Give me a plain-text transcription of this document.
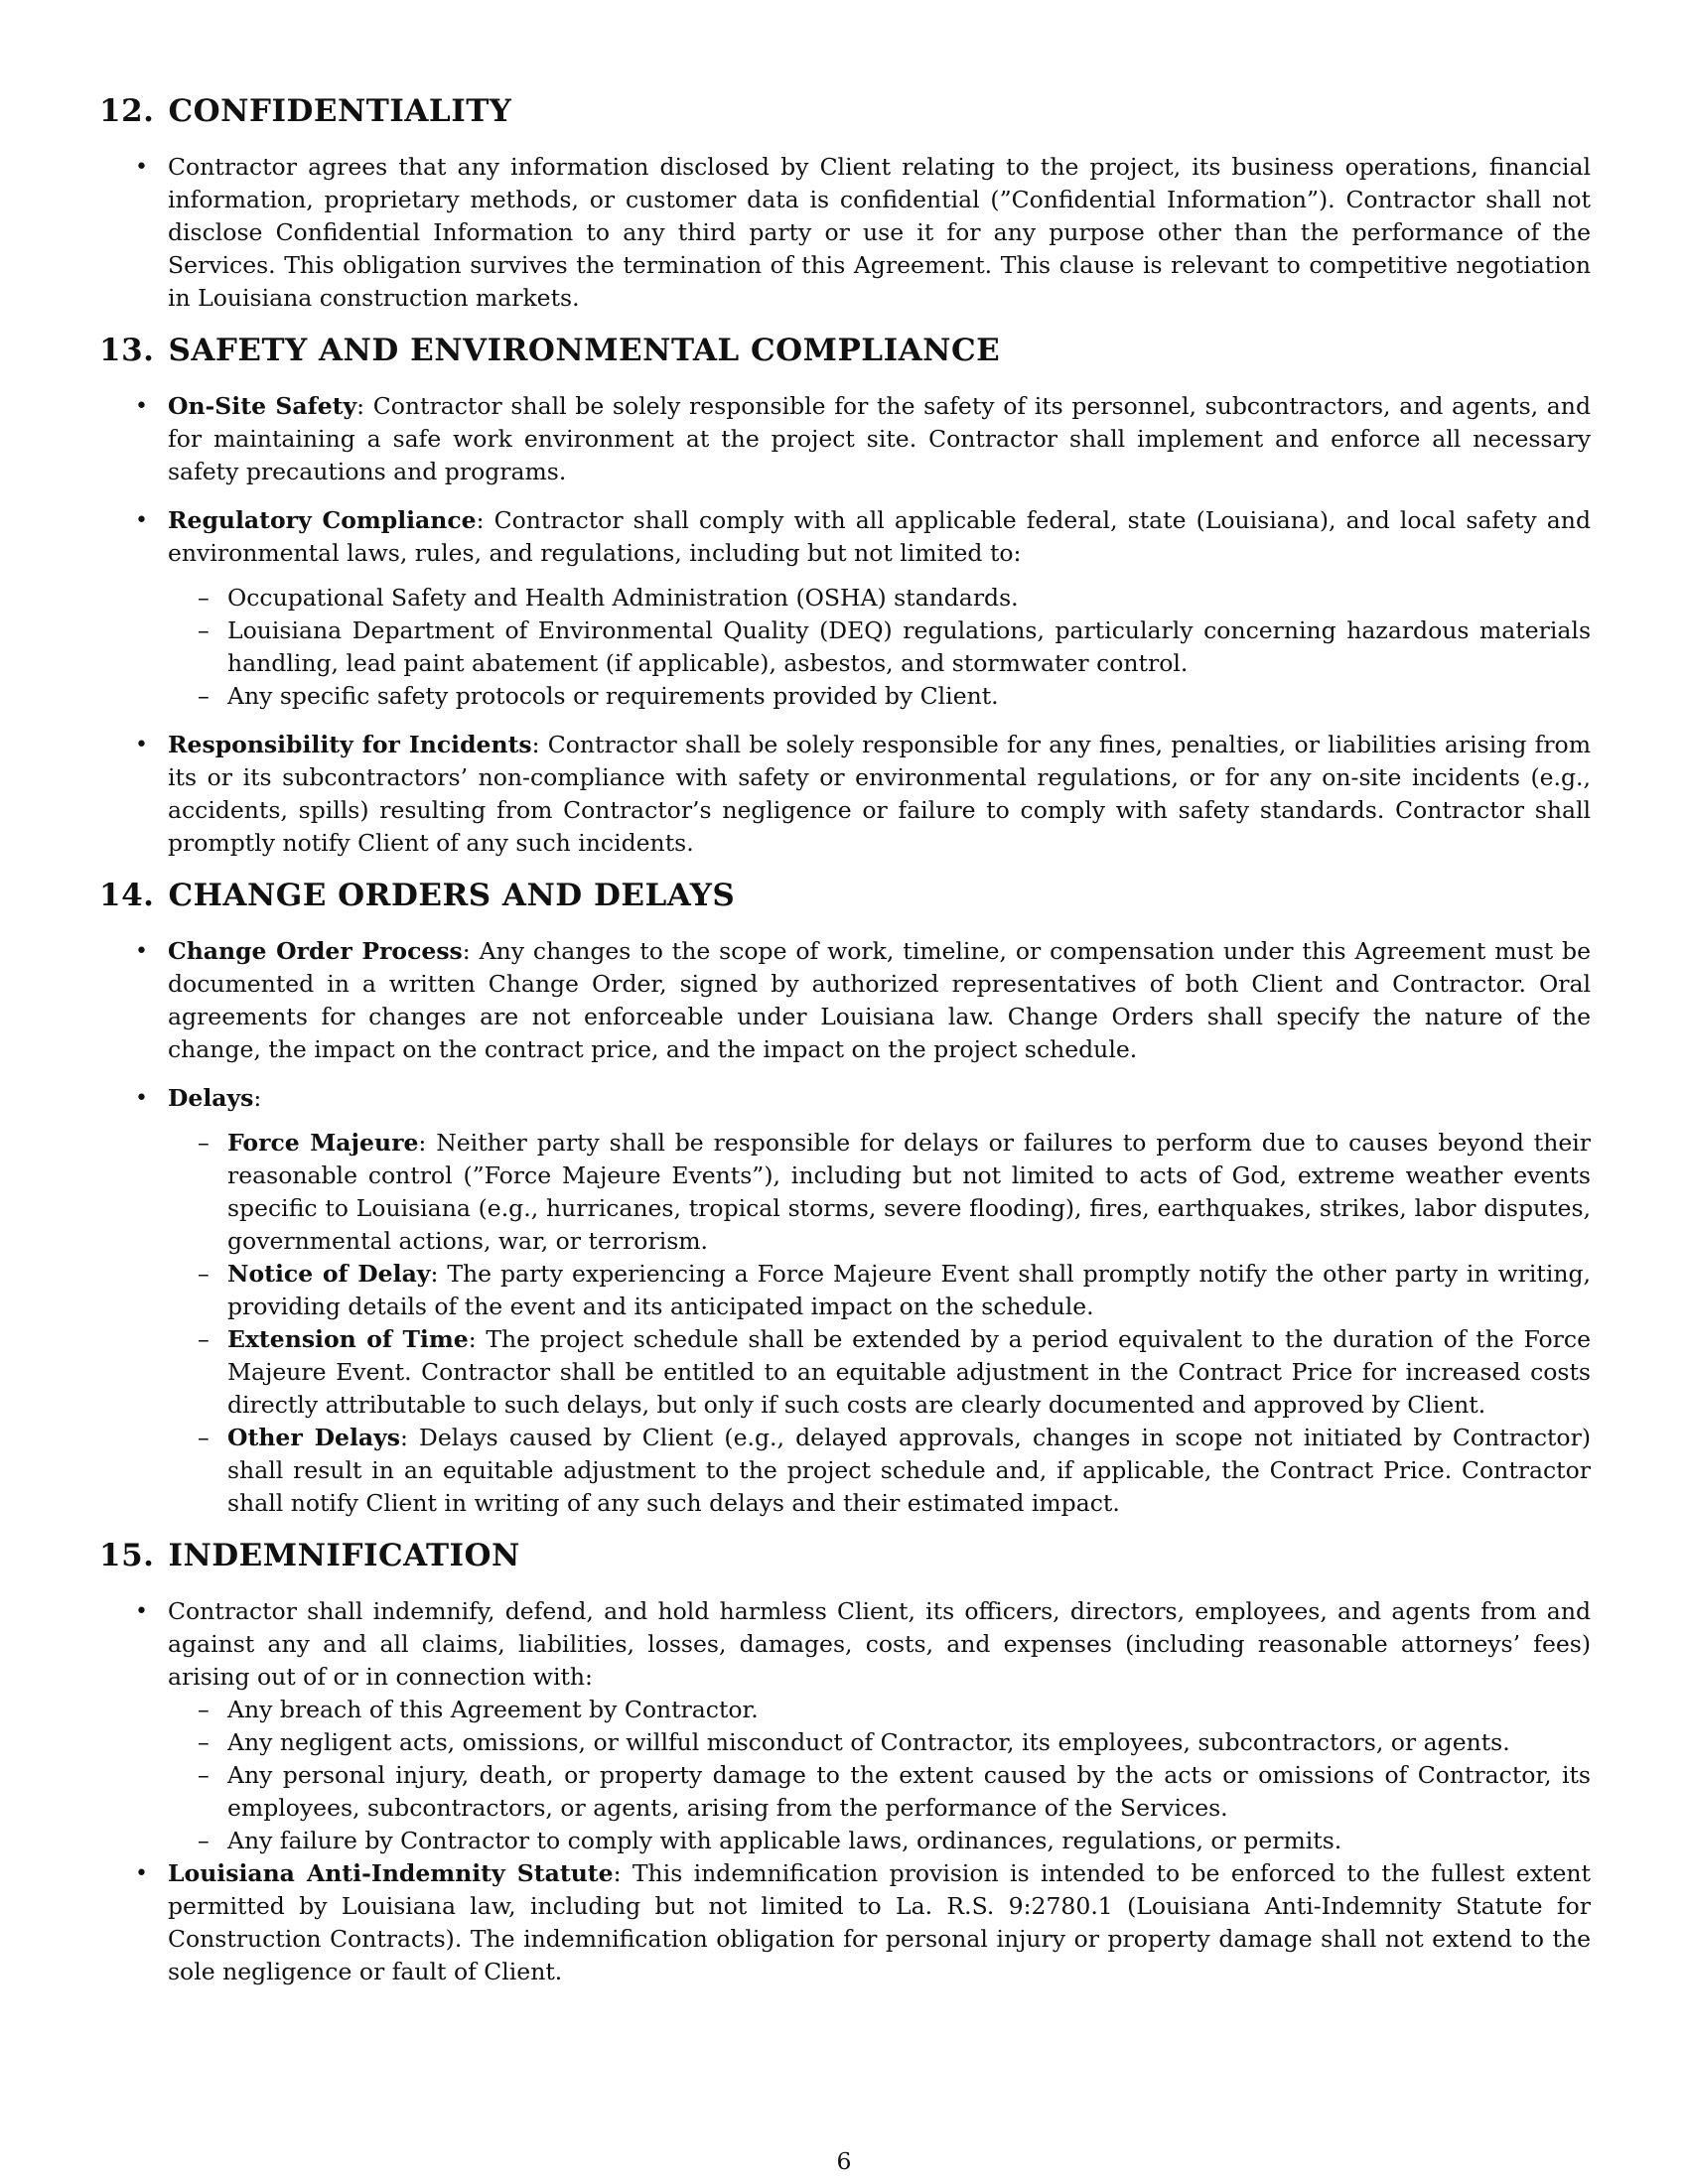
12. CONFIDENTIALITY
• Contractor agrees that any information disclosed by Client relating to the project, its business operations, financial information, proprietary methods, or customer data is confidential (”Confidential Information”). Contractor shall not disclose Confidential Information to any third party or use it for any purpose other than the performance of the Services. This obligation survives the termination of this Agreement. This clause is relevant to competitive negotiation in Louisiana construction markets.
13. SAFETY AND ENVIRONMENTAL COMPLIANCE
• On-Site Safety: Contractor shall be solely responsible for the safety of its personnel, subcontractors, and agents, and for maintaining a safe work environment at the project site. Contractor shall implement and enforce all necessary safety precautions and programs.
• Regulatory Compliance: Contractor shall comply with all applicable federal, state (Louisiana), and local safety and environmental laws, rules, and regulations, including but not limited to:
– Occupational Safety and Health Administration (OSHA) standards.
– Louisiana Department of Environmental Quality (DEQ) regulations, particularly concerning hazardous materials handling, lead paint abatement (if applicable), asbestos, and stormwater control.
– Any specific safety protocols or requirements provided by Client.
• Responsibility for Incidents: Contractor shall be solely responsible for any fines, penalties, or liabilities arising from its or its subcontractors’ non-compliance with safety or environmental regulations, or for any on-site incidents (e.g., accidents, spills) resulting from Contractor’s negligence or failure to comply with safety standards. Contractor shall promptly notify Client of any such incidents.
14. CHANGE ORDERS AND DELAYS
• Change Order Process: Any changes to the scope of work, timeline, or compensation under this Agreement must be documented in a written Change Order, signed by authorized representatives of both Client and Contractor. Oral agreements for changes are not enforceable under Louisiana law. Change Orders shall specify the nature of the change, the impact on the contract price, and the impact on the project schedule.
• Delays:
– Force Majeure: Neither party shall be responsible for delays or failures to perform due to causes beyond their reasonable control (”Force Majeure Events”), including but not limited to acts of God, extreme weather events specific to Louisiana (e.g., hurricanes, tropical storms, severe flooding), fires, earthquakes, strikes, labor disputes, governmental actions, war, or terrorism.
– Notice of Delay: The party experiencing a Force Majeure Event shall promptly notify the other party in writing, providing details of the event and its anticipated impact on the schedule.
– Extension of Time: The project schedule shall be extended by a period equivalent to the duration of the Force Majeure Event. Contractor shall be entitled to an equitable adjustment in the Contract Price for increased costs directly attributable to such delays, but only if such costs are clearly documented and approved by Client.
– Other Delays: Delays caused by Client (e.g., delayed approvals, changes in scope not initiated by Contractor) shall result in an equitable adjustment to the project schedule and, if applicable, the Contract Price. Contractor shall notify Client in writing of any such delays and their estimated impact.
15. INDEMNIFICATION
• Contractor shall indemnify, defend, and hold harmless Client, its officers, directors, employees, and agents from and against any and all claims, liabilities, losses, damages, costs, and expenses (including reasonable attorneys’ fees) arising out of or in connection with:
– Any breach of this Agreement by Contractor.
– Any negligent acts, omissions, or willful misconduct of Contractor, its employees, subcontractors, or agents.
– Any personal injury, death, or property damage to the extent caused by the acts or omissions of Contractor, its employees, subcontractors, or agents, arising from the performance of the Services.
– Any failure by Contractor to comply with applicable laws, ordinances, regulations, or permits.
• Louisiana Anti-Indemnity Statute: This indemnification provision is intended to be enforced to the fullest extent permitted by Louisiana law, including but not limited to La. R.S. 9:2780.1 (Louisiana Anti-Indemnity Statute for Construction Contracts). The indemnification obligation for personal injury or property damage shall not extend to the sole negligence or fault of Client.
6
